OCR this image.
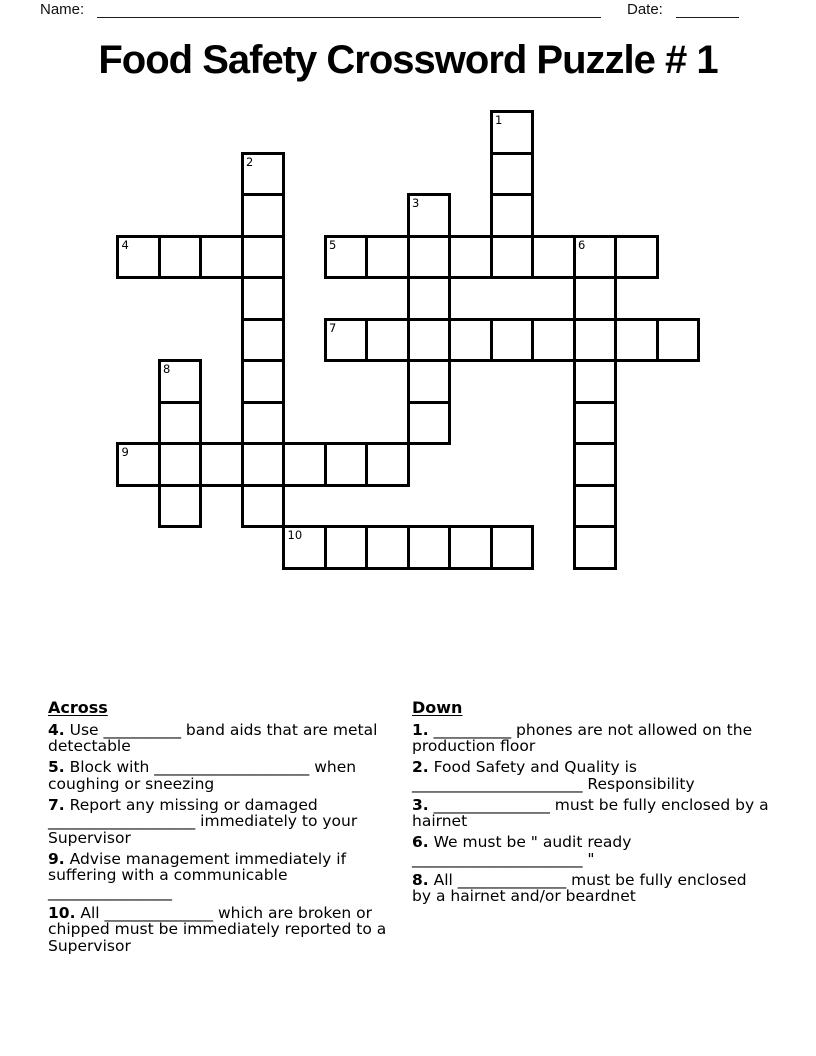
Name:	Date:
Food Safety Crossword Puzzle # 1
1
2
3
4	5	6
7
8
9
10
Across
4. Use __________ band aids that are metal detectable
5. Block with ____________________ when coughing or sneezing
7. Report any missing or damaged ___________________ immediately to your Supervisor
9. Advise management immediately if suffering with a communicable ________________
10. All ______________ which are broken or chipped must be immediately reported to a Supervisor
Down
1. __________ phones are not allowed on the production floor
2. Food Safety and Quality is ______________________ Responsibility
3. _______________ must be fully enclosed by a hairnet
6. We must be " audit ready ______________________ "
8. All ______________ must be fully enclosed by a hairnet and/or beardnet
